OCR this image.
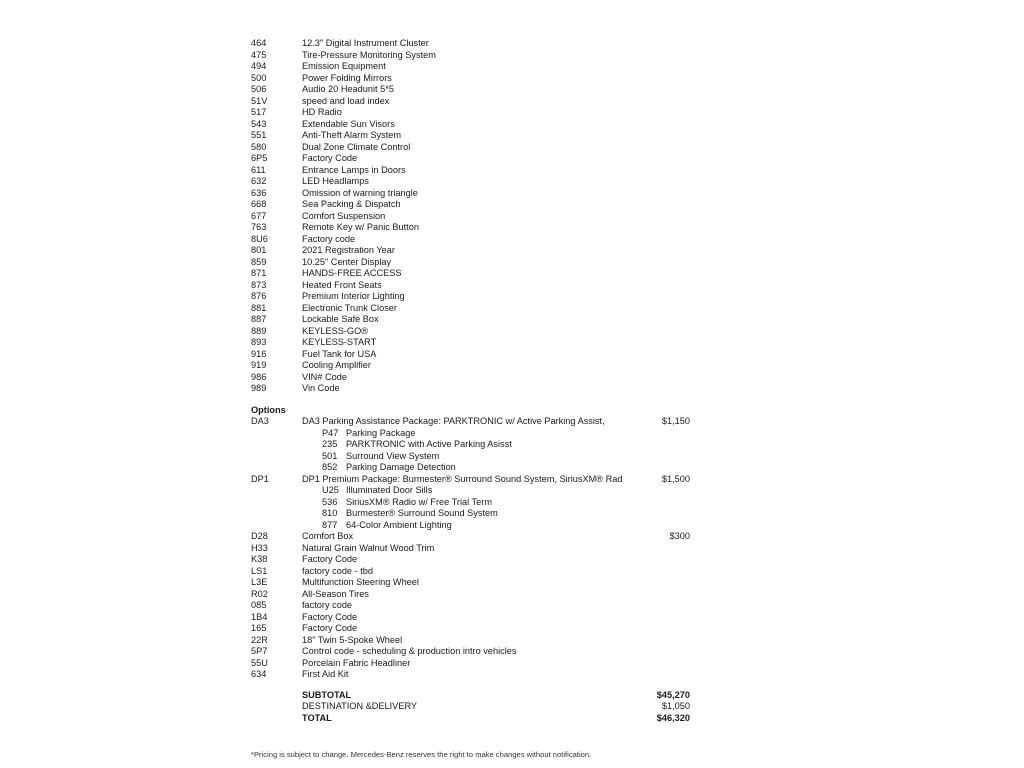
464	12.3" Digital Instrument Cluster
475	Tire-Pressure Monitoring System
494	Emission Equipment
500	Power Folding Mirrors
506	Audio 20 Headunit 5*5
51V	speed and load index
517	HD Radio
543	Extendable Sun Visors
551	Anti-Theft Alarm System
580	Dual Zone Climate Control
6P5	Factory Code
611	Entrance Lamps in Doors
632	LED Headlamps
636	Omission of warning triangle
668	Sea Packing & Dispatch
677	Comfort Suspension
763	Remote Key w/ Panic Button
8U6	Factory code
801	2021 Registration Year
859	10.25" Center Display
871	HANDS-FREE ACCESS
873	Heated Front Seats
876	Premium Interior Lighting
881	Electronic Trunk Closer
887	Lockable Safe Box
889	KEYLESS-GO®
893	KEYLESS-START
916	Fuel Tank for USA
919	Cooling Amplifier
986	VIN# Code
989	Vin Code
Options
DA3	DA3 Parking Assistance Package: PARKTRONIC w/ Active Parking Assist,	$1,150
P47 Parking Package
235 PARKTRONIC with Active Parking Asisst
501 Surround View System
852 Parking Damage Detection
DP1	DP1 Premium Package: Burmester® Surround Sound System, SiriusXM® Rad	$1,500
U25 Illuminated Door Sills
536 SiriusXM® Radio w/ Free Trial Term
810 Burmester® Surround Sound System
877 64-Color Ambient Lighting
D28	Comfort Box	$300
H33	Natural Grain Walnut Wood Trim
K38	Factory Code
LS1	factory code - tbd
L3E	Multifunction Steering Wheel
R02	All-Season Tires
085	factory code
1B4	Factory Code
165	Factory Code
22R	18" Twin 5-Spoke Wheel
5P7	Control code - scheduling & production intro vehicles
55U	Porcelain Fabric Headliner
634	First Aid Kit
SUBTOTAL	$45,270
DESTINATION &DELIVERY	$1,050
TOTAL	$46,320
*Pricing is subject to change. Mercedes-Benz reserves the right to make changes without notification.
